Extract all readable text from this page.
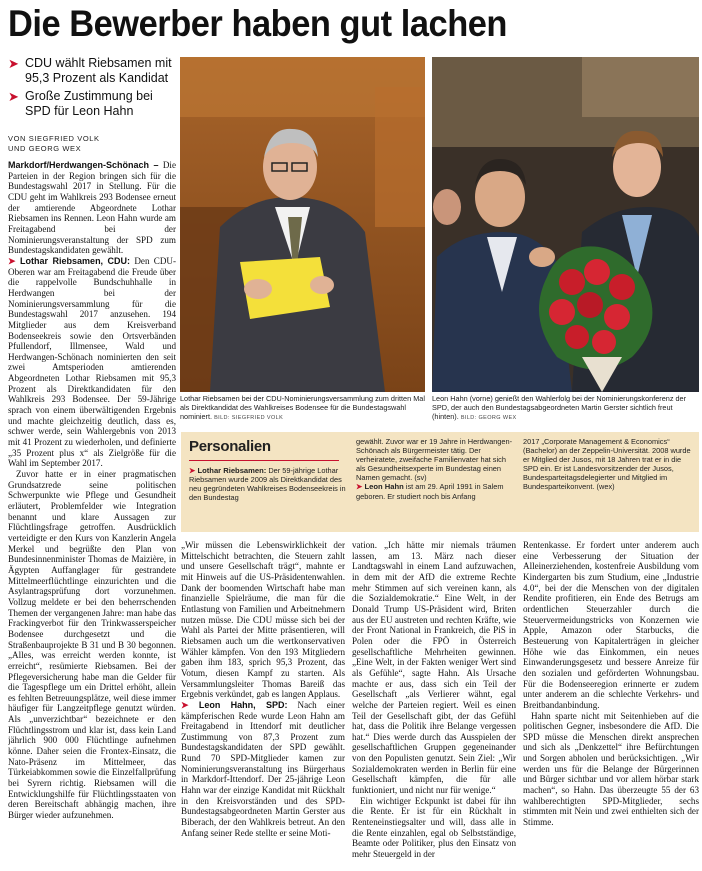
Die Bewerber haben gut lachen
➤ CDU wählt Riebsamen mit 95,3 Prozent als Kandidat
➤ Große Zustimmung bei SPD für Leon Hahn
VON SIEGFRIED VOLK
UND GEORG WEX

Markdorf/Herdwangen-Schönach – Die Parteien in der Region bringen sich für die Bundestagswahl 2017 in Stellung. Für die CDU geht im Wahlkreis 293 Bodensee erneut der amtierende Abgeordnete Lothar Riebsamen ins Rennen. Leon Hahn wurde am Freitagabend bei der Nominierungsveranstaltung der SPD zum Bundestagskandidaten gewählt.

➤ Lothar Riebsamen, CDU: Den CDU-Oberen war am Freitagabend die Freude über die rappelvolle Bundschuhhalle in Herdwangen bei der Nominierungsversammlung für die Bundestagswahl 2017 anzusehen. 194 Mitglieder aus dem Kreisverband Bodenseekreis sowie den Ortsverbänden Pfullendorf, Illmensee, Wald und Herdwangen-Schönach nominierten den seit zwei Amtsperioden amtierenden Abgeordneten Lothar Riebsamen mit 95,3 Prozent als Direktkandidaten für den Wahlkreis 293 Bodensee. Der 59-Jährige sprach von einem überwältigenden Ergebnis und machte gleichzeitig deutlich, dass es, schwer werde, sein Wahlergebnis von 2013 mit 41 Prozent zu wiederholen, und definierte „35 Prozent plus x“ als Zielgröße für die Wahl im September 2017.

Zuvor hatte er in einer pragmatischen Grundsatzrede seine politischen Schwerpunkte wie Pflege und Gesundheit erläutert, Problemfelder wie Integration benannt und klare Aussagen zur Flüchtlingsfrage getroffen. Ausdrücklich verteidigte er den Kurs von Kanzlerin Angela Merkel und begrüßte den Plan von Bundesinnenminister Thomas de Maizière, in Ägypten Auffanglager für gestrandete Mittelmeerflüchtlinge einzurichten und die Asylantragsprüfung dort vorzunehmen. Vollzug meldete er bei den beherrschenden Themen der vergangenen Jahre: man habe das Frackingverbot für den Trinkwasserspeicher Bodensee durchgesetzt und die Straßenbauprojekte B 31 und B 30 begonnen. „Alles, was erreicht werden konnte, ist erreicht“, resümierte Riebsamen. Bei der Pflegeversicherung habe man die Gelder für die Tagespflege um ein Drittel erhöht, allein es fehlten Betreuungsplätze, weil diese immer häufiger für Langzeitpflege genutzt würden. Als „unverzichtbar“ bezeichnete er den Flüchtlingsstrom und klar ist, dass kein Land jährlich 900 000 Flüchtlinge aufnehmen könne. Daher seien die Frontex-Einsatz, die Nato-Präsenz im Mittelmeer, das Türkeiabkommen sowie die Einzelfallprüfung bei Syrern richtig. Riebsamen will die Entwicklungshilfe für Flüchtlingsstaaten von deren Bereitschaft abhängig machen, ihre Bürger wieder aufzunehmen.

Lothar Riebsamen bei der CDU-Nominierungsversammlung zum dritten Mal als Direktkandidat des Wahlkreises Bodensee für die Bundestagswahl nominiert. BILD: SIEGFRIED VOLK
Leon Hahn (vorne) genießt den Wahlerfolg bei der Nominierungskonferenz der SPD, der auch den Bundestagsabgeordneten Martin Gerster sichtlich freut (hinten). BILD: GEORG WEX
Personalien
➤ Lothar Riebsamen: Der 59-jährige Lothar Riebsamen wurde 2009 als Direktkandidat des neu gegründeten Wahlkreises Bodenseekreis in den Bundestag
gewählt. Zuvor war er 19 Jahre in Herdwangen-Schönach als Bürgermeister tätig. Der verheiratete, zweifache Familienvater hat sich als Gesundheitsexperte im Bundestag einen Namen gemacht. (sv)
➤ Leon Hahn ist am 29. April 1991 in Salem geboren. Er studiert noch bis Anfang
2017 „Corporate Management & Economics“ (Bachelor) an der Zeppelin-Universität. 2008 wurde er Mitglied der Jusos, mit 18 Jahren trat er in die SPD ein. Er ist Landesvorsitzender der Jusos, Bundesparteitagsdelegierter und Mitglied im Bundesparteikonvent. (wex)

„Wir müssen die Lebenswirklichkeit der Mittelschicht betrachten, die Steuern zahlt und unsere Gesellschaft trägt“, mahnte er mit Hinweis auf die US-Präsidentenwahlen. Dank der boomenden Wirtschaft habe man finanzielle Spielräume, die man für die Entlastung von Familien und Arbeitnehmern nutzen müsse. Die CDU müsse sich bei der Wahl als Partei der Mitte präsentieren, will Riebsamen auch um die wertkonservativen Wähler kämpfen. Von den 193 Mitgliedern gaben ihm 183, sprich 95,3 Prozent, das Votum, diesen Kampf zu starten. Als Versammlungsleiter Thomas Bareiß das Ergebnis verkündet, gab es langen Applaus.

➤ Leon Hahn, SPD: Nach einer kämpferischen Rede wurde Leon Hahn am Freitagabend in Ittendorf mit deutlicher Zustimmung von 87,3 Prozent zum Bundestagskandidaten der SPD gewählt. Rund 70 SPD-Mitglieder kamen zur Nominierungsveranstaltung ins Bürgerhaus in Markdorf-Ittendorf. Der 25-jährige Leon Hahn war der einzige Kandidat mit Rückhalt in den Kreisvorständen und des SPD-Bundestagsabgeordneten Martin Gerster aus Biberach, der den Wahlkreis betreut. An den Anfang seiner Rede stellte er seine Moti-

vation. „Ich hätte mir niemals träumen lassen, am 13. März nach dieser Landtagswahl in einem Land aufzuwachen, in dem mit der AfD die extreme Rechte mehr Stimmen auf sich vereinen kann, als die Sozialdemokratie.“ Eine Welt, in der Donald Trump US-Präsident wird, Briten aus der EU austreten und rechten Kräfte, wie der Front National in Frankreich, die PiS in Polen oder die FPÖ in Österreich gesellschaftliche Mehrheiten gewinnen. „Eine Welt, in der Fakten weniger Wert sind als Gefühle“, sagte Hahn. Als Ursache machte er aus, dass sich ein Teil der Gesellschaft „als Verlierer wähnt, egal welche der Parteien regiert. Weil es einen Teil der Gesellschaft gibt, der das Gefühl hat, dass die Politik ihre Belange vergessen hat.“ Dies werde durch das Ausspielen der gesellschaftlichen Gruppen gegeneinander von den Populisten genutzt. Sein Ziel: „Wir Sozialdemokraten werden in Berlin für eine Gesellschaft kämpfen, die für alle funktioniert, und nicht nur für wenige.“

Ein wichtiger Eckpunkt ist dabei für ihn die Rente. Er ist für ein Rückhalt in Renteneinstiegsalter und will, dass alle in die Rente einzahlen, egal ob Selbstständige, Beamte oder Politiker, plus den Einsatz von mehr Steuergeld in der

Rentenkasse. Er fordert unter anderem auch eine Verbesserung der Situation der Alleinerziehenden, kostenfreie Ausbildung vom Kindergarten bis zum Studium, eine „Industrie 4.0“, bei der die Menschen von der digitalen Rendite profitieren, ein Ende des Betrugs am ordentlichen Steuerzahler durch die Steuervermeidungstricks von Konzernen wie Apple, Amazon oder Starbucks, die Besteuerung von Kapitalerträgen in gleicher Höhe wie das Einkommen, ein neues Einwanderungsgesetz und bessere Anreize für den sozialen und geförderten Wohnungsbau. Für die Bodenseeregion erinnerte er zudem unter anderem an die schlechte Verkehrs- und Breitbandanbindung.

Hahn sparte nicht mit Seitenhieben auf die politischen Gegner, insbesondere die AfD. Die SPD müsse die Menschen direkt ansprechen und sich als „Denkzettel“ ihre Befürchtungen und Sorgen abholen und berücksichtigen. „Wir werden uns für die Belange der Bürgerinnen und Bürger sichtbar und vor allem hörbar stark machen“, so Hahn. Das überzeugte 55 der 63 wahlberechtigten SPD-Mitglieder, sechs stimmten mit Nein und zwei enthielten sich der Stimme.
